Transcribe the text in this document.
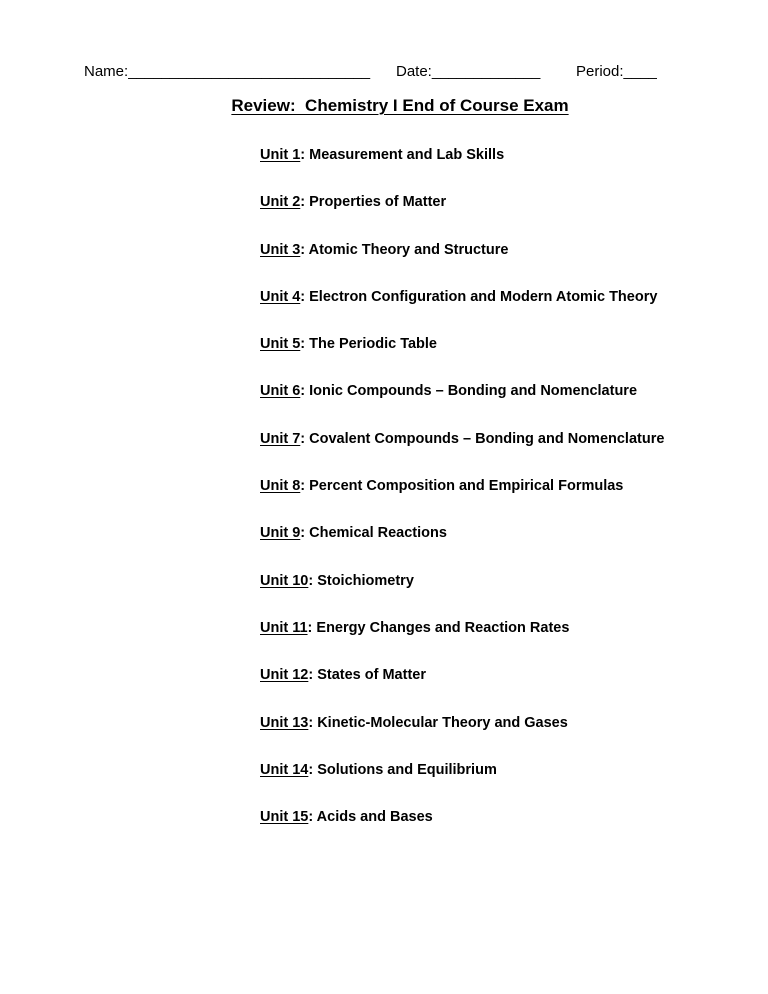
Name:_____________________________ Date:_____________ Period:____
Review:  Chemistry I End of Course Exam
Unit 1: Measurement and Lab Skills
Unit 2: Properties of Matter
Unit 3: Atomic Theory and Structure
Unit 4: Electron Configuration and Modern Atomic Theory
Unit 5: The Periodic Table
Unit 6: Ionic Compounds – Bonding and Nomenclature
Unit 7: Covalent Compounds – Bonding and Nomenclature
Unit 8: Percent Composition and Empirical Formulas
Unit 9: Chemical Reactions
Unit 10: Stoichiometry
Unit 11: Energy Changes and Reaction Rates
Unit 12: States of Matter
Unit 13: Kinetic-Molecular Theory and Gases
Unit 14: Solutions and Equilibrium
Unit 15: Acids and Bases
